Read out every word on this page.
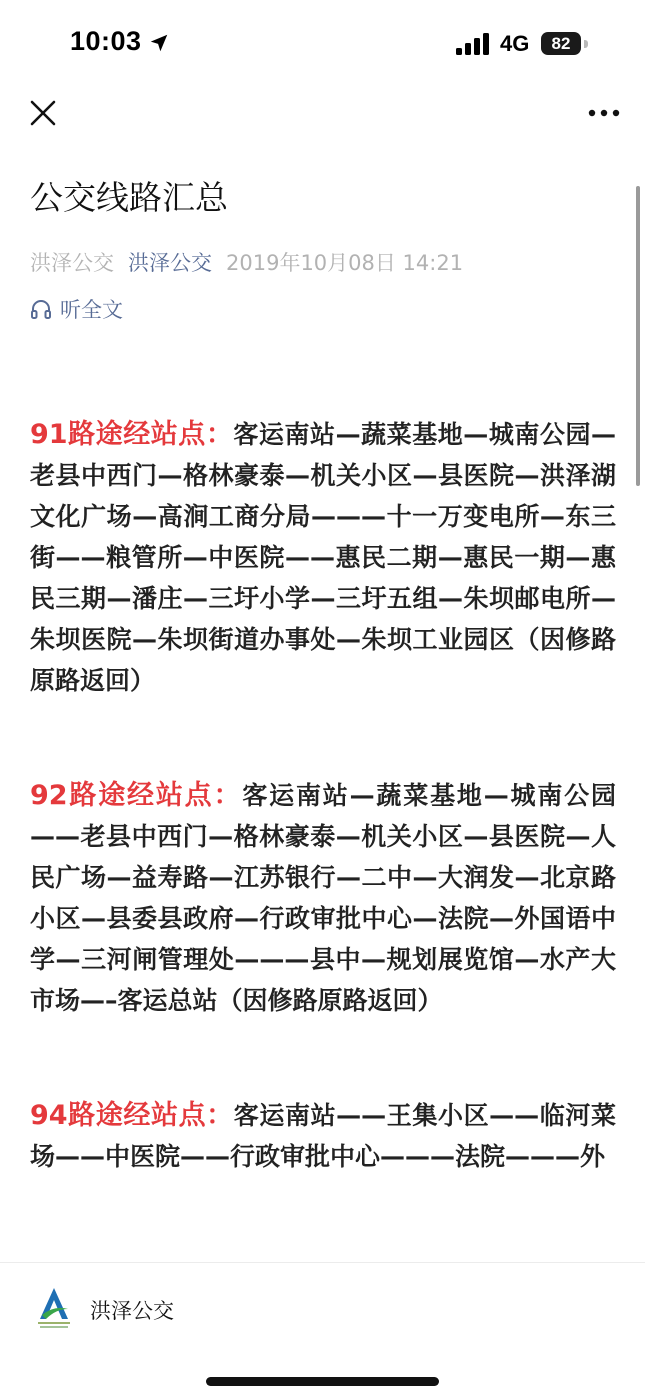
10:03	4G	82
公交线路汇总
洪泽公交 洪泽公交 2019年10月08日 14:21
听全文

91路途经站点：客运南站—蔬菜基地—城南公园—老县中西门—格林豪泰—机关小区—县医院—洪泽湖文化广场—高涧工商分局———十一万变电所—东三街——粮管所—中医院——惠民二期—惠民一期—惠民三期—潘庄—三圩小学—三圩五组—朱坝邮电所—朱坝医院—朱坝街道办事处—朱坝工业园区（因修路原路返回）

92路途经站点：客运南站—蔬菜基地—城南公园——老县中西门—格林豪泰—机关小区—县医院—人民广场—益寿路—江苏银行—二中—大润发—北京路小区—县委县政府—行政审批中心—法院—外国语中学—三河闸管理处———县中—规划展览馆—水产大市场—–客运总站（因修路原路返回）

94路途经站点：客运南站——王集小区——临河菜场——中医院——行政审批中心———法院———外

洪泽公交
